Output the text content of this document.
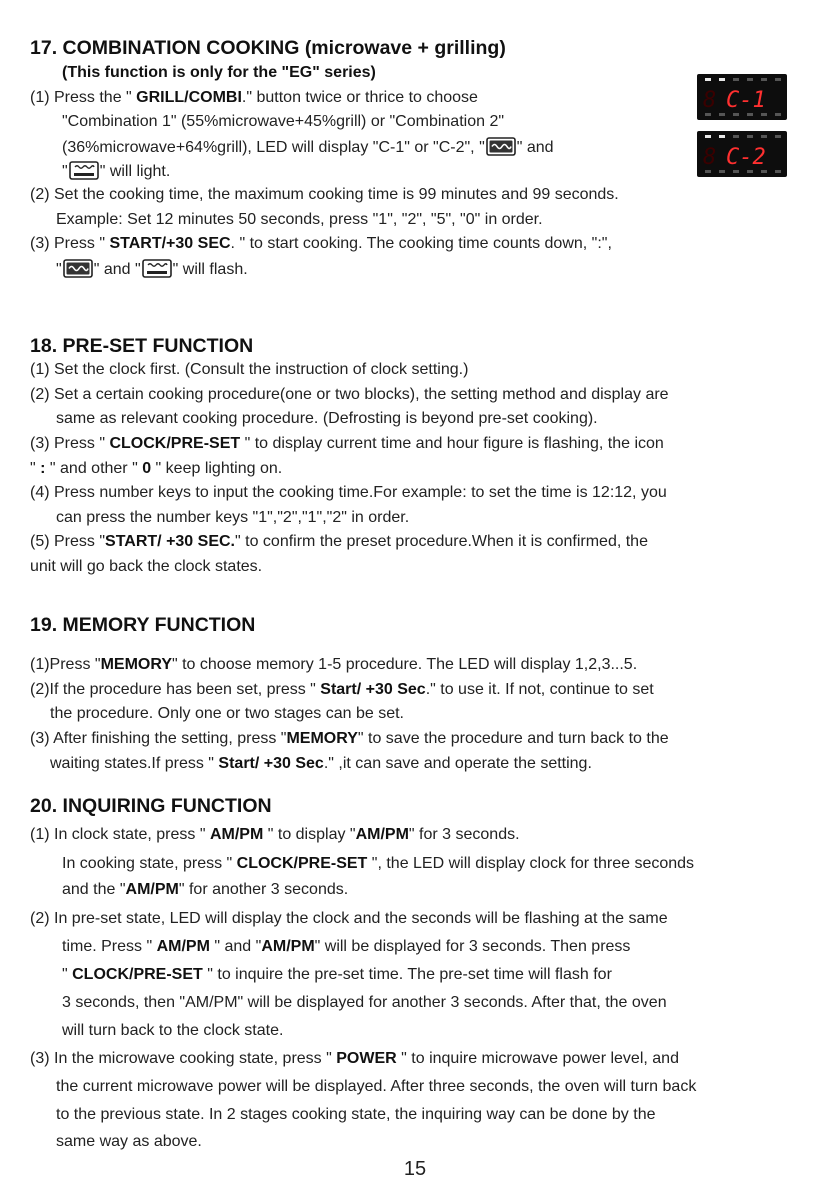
17. COMBINATION COOKING (microwave + grilling)
(This function is only for the "EG" series)
(1) Press the " GRILL/COMBI." button twice or thrice to choose
"Combination 1" (55%microwave+45%grill) or "Combination 2"
(36%microwave+64%grill), LED will display "C-1" or "C-2", " " and
" " will light.
(2) Set the cooking time, the maximum cooking time is 99 minutes and 99 seconds.
Example: Set 12 minutes 50 seconds, press "1", "2", "5", "0" in order.
(3) Press " START/+30 SEC. " to start cooking. The cooking time counts down, ":",
" " and " " will flash.
8 C-1
8 C-2
18. PRE-SET FUNCTION
(1) Set the clock first. (Consult the instruction of clock setting.)
(2) Set a certain cooking procedure(one or two blocks), the setting method and display are
same as relevant cooking procedure. (Defrosting is beyond pre-set cooking).
(3) Press " CLOCK/PRE-SET " to display current time and hour figure is flashing, the icon
" : " and other " 0 " keep lighting on.
(4) Press number keys to input the cooking time.For example: to set the time is 12:12, you
can press the number keys "1","2","1","2" in order.
(5) Press "START/ +30 SEC." to confirm the preset procedure.When it is confirmed, the
unit will go back the clock states.
19. MEMORY FUNCTION
(1)Press "MEMORY" to choose memory 1-5 procedure. The LED will display 1,2,3...5.
(2)If the procedure has been set, press " Start/ +30 Sec." to use it. If not, continue to set
the procedure. Only one or two stages can be set.
(3) After finishing the setting, press "MEMORY" to save the procedure and turn back to the
waiting states.If press " Start/ +30 Sec." ,it can save and operate the setting.
20. INQUIRING FUNCTION
(1) In clock state, press " AM/PM " to display "AM/PM" for 3 seconds.
In cooking state, press " CLOCK/PRE-SET ", the LED will display clock for three seconds
and the "AM/PM" for another 3 seconds.
(2) In pre-set state, LED will display the clock and the seconds will be flashing at the same
time. Press " AM/PM " and "AM/PM" will be displayed for 3 seconds. Then press
" CLOCK/PRE-SET " to inquire the pre-set time. The pre-set time will flash for
3 seconds, then "AM/PM" will be displayed for another 3 seconds. After that, the oven
will turn back to the clock state.
(3) In the microwave cooking state, press " POWER " to inquire microwave power level, and
the current microwave power will be displayed. After three seconds, the oven will turn back
to the previous state. In 2 stages cooking state, the inquiring way can be done by the
same way as above.
15
